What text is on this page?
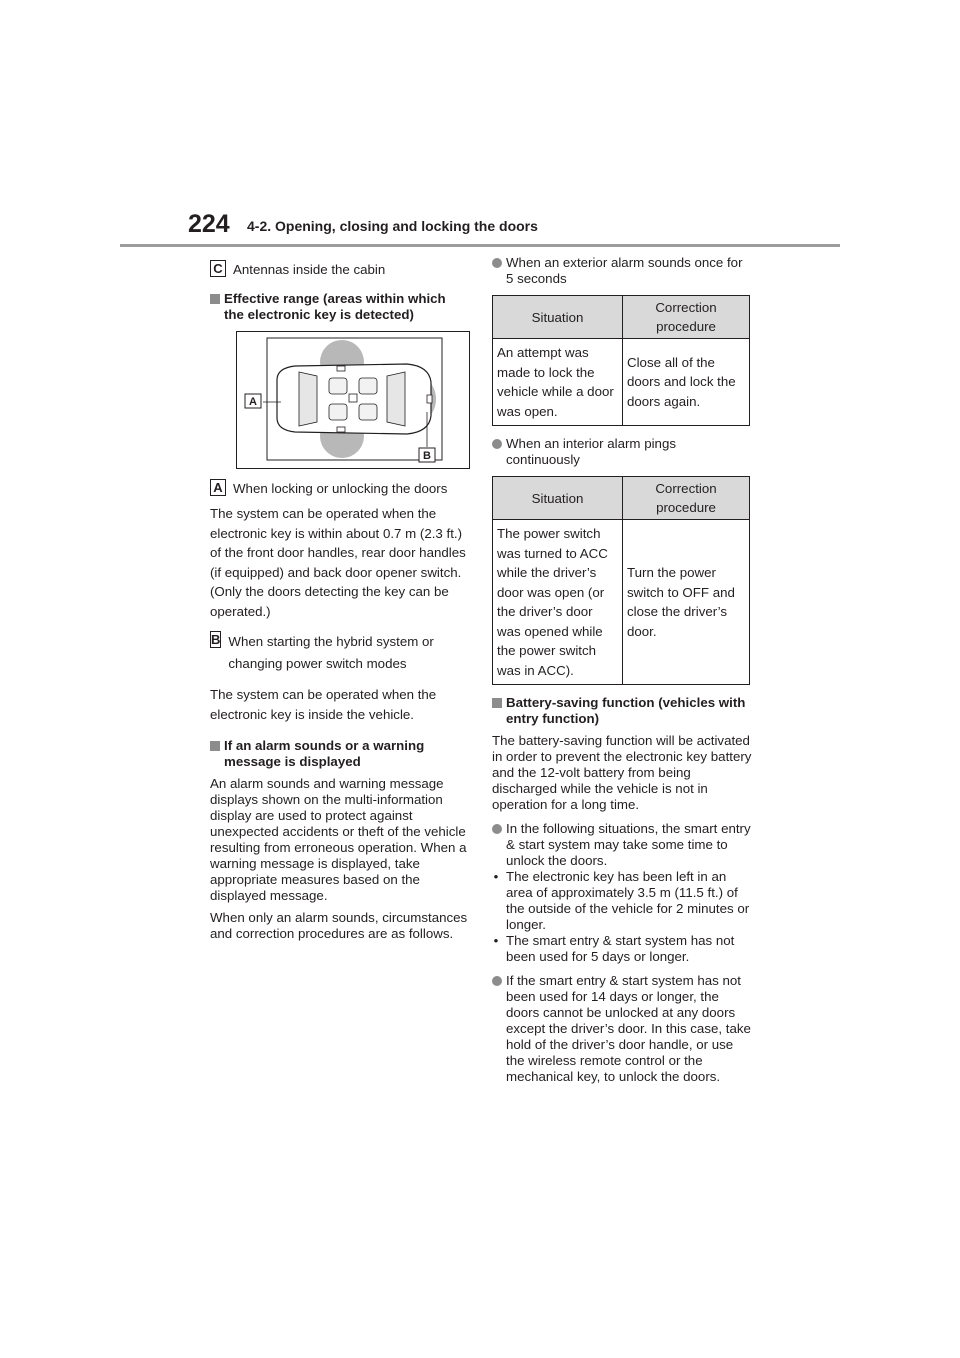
224 4-2. Opening, closing and locking the doors
C Antennas inside the cabin
Effective range (areas within which the electronic key is detected)
A
B
A When locking or unlocking the doors

The system can be operated when the electronic key is within about 0.7 m (2.3 ft.) of the front door handles, rear door handles (if equipped) and back door opener switch. (Only the doors detecting the key can be operated.)

B When starting the hybrid system or changing power switch modes

The system can be operated when the electronic key is inside the vehicle.

If an alarm sounds or a warning message is displayed

An alarm sounds and warning message displays shown on the multi-information display are used to protect against unexpected accidents or theft of the vehicle resulting from erroneous operation. When a warning message is displayed, take appropriate measures based on the displayed message.

When only an alarm sounds, circumstances and correction procedures are as follows.

When an exterior alarm sounds once for 5 seconds
Situation	Correction procedure
An attempt was made to lock the vehicle while a door was open.	Close all of the doors and lock the doors again.
When an interior alarm pings continuously
Situation	Correction procedure
The power switch was turned to ACC while the driver’s door was open (or the driver’s door was opened while the power switch was in ACC).	Turn the power switch to OFF and close the driver’s door.
Battery-saving function (vehicles with entry function)

The battery-saving function will be activated in order to prevent the electronic key battery and the 12-volt battery from being discharged while the vehicle is not in operation for a long time.

In the following situations, the smart entry & start system may take some time to unlock the doors.
• The electronic key has been left in an area of approximately 3.5 m (11.5 ft.) of the outside of the vehicle for 2 minutes or longer.
• The smart entry & start system has not been used for 5 days or longer.
If the smart entry & start system has not been used for 14 days or longer, the doors cannot be unlocked at any doors except the driver’s door. In this case, take hold of the driver’s door handle, or use the wireless remote control or the mechanical key, to unlock the doors.
